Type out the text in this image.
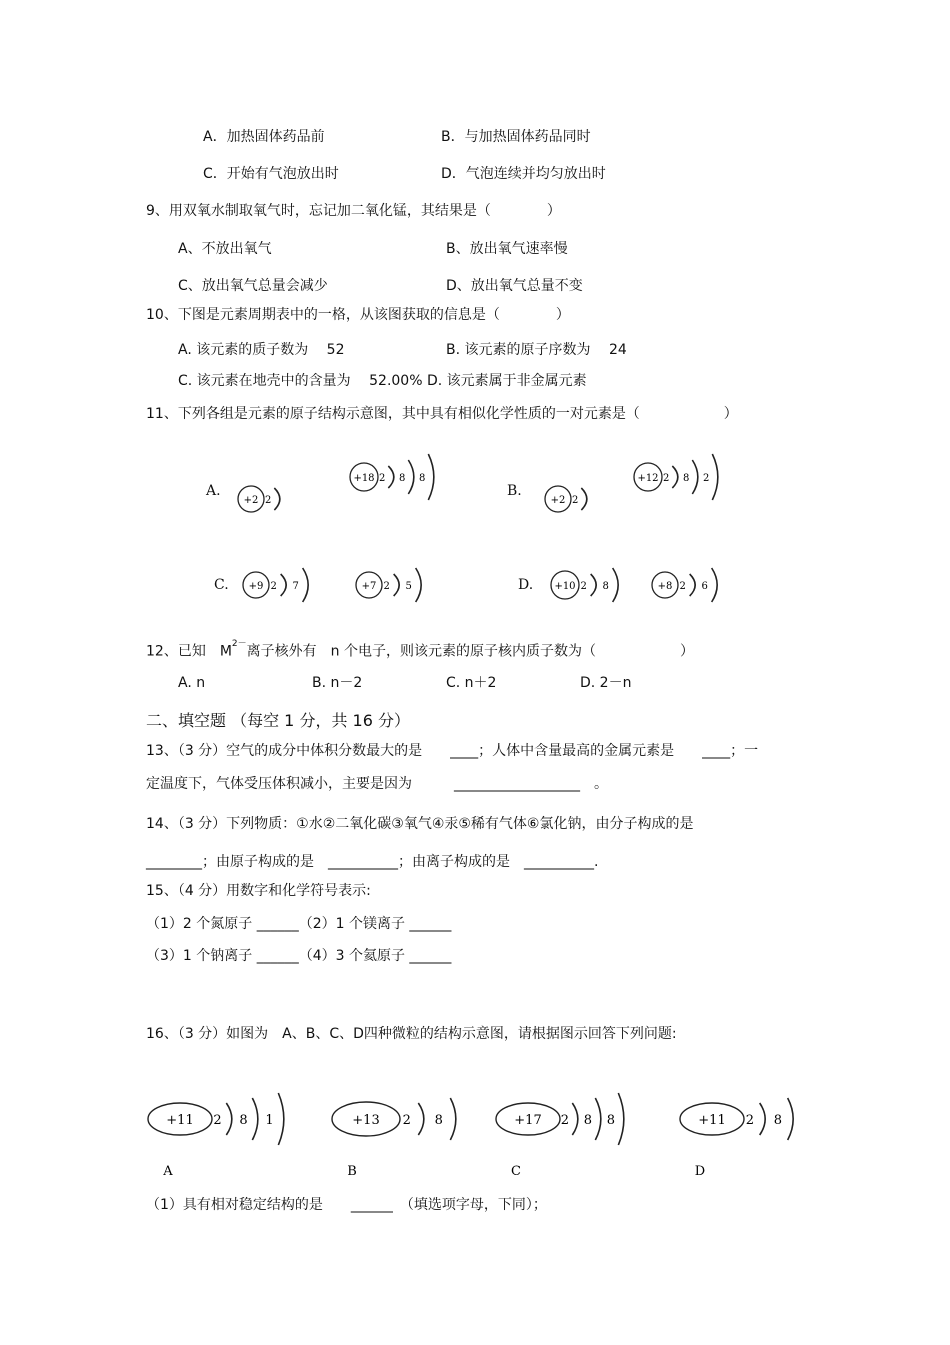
A．加热固体药品前	B．与加热固体药品同时
C．开始有气泡放出时	D．气泡连续并均匀放出时
9、用双氧水制取氧气时，忘记加二氧化锰，其结果是（　　　　）
A、不放出氧气	B、放出氧气速率慢
C、放出氧气总量会减少	D、放出氧气总量不变
10、下图是元素周期表中的一格，从该图获取的信息是（　　　　）
A. 该元素的质子数为　 52	B. 该元素的原子序数为　 24
C. 该元素在地壳中的含量为　 52.00% D. 该元素属于非金属元素
11、下列各组是元素的原子结构示意图，其中具有相似化学性质的一对元素是（　　　　　　）
A.	B.
C.	D.
+2 2
+18 2 8 8
+2 2
+12 2 8 2
+9 2 7	+7 2 5	+10 2 8	+8 2 6
12、已知　$M^{2-}$离子核外有　n 个电子，则该元素的原子核内质子数为（　　　　　　）
A. n	B. n－2	C. n＋2	D. 2－n
二、填空题 （每空 1 分，共 16 分）
13、（3 分）空气的成分中体积分数最大的是　　____；人体中含量最高的金属元素是　　____；一
定温度下，气体受压体积减小，主要是因为　　　__________________　。
14、（3 分）下列物质：①水②二氧化碳③氧气④汞⑤稀有气体⑥氯化钠，由分子构成的是
________；由原子构成的是　__________；由离子构成的是　__________.
15、（4 分）用数字和化学符号表示:
（1）2 个氮原子 ______（2）1 个镁离子 ______
（3）1 个钠离子 ______（4）3 个氦原子 ______
16、（3 分）如图为　A、B、C、D四种微粒的结构示意图，请根据图示回答下列问题:
+11 2 8 1
A
+13 2 8
B
+17 2 8 8
C
+11 2 8
D
（1）具有相对稳定结构的是　　______　（填选项字母，下同）；
